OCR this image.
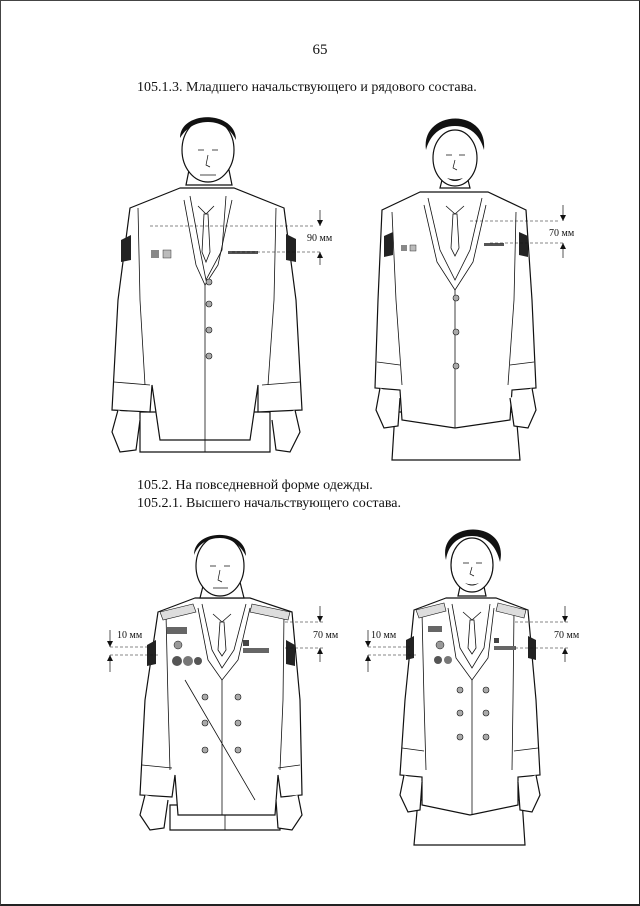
65
105.1.3. Младшего начальствующего и рядового состава.
105.2. На повседневной форме одежды.
105.2.1. Высшего начальствующего состава.
90 мм	70 мм
10 мм	70 мм	10 мм	70 мм
